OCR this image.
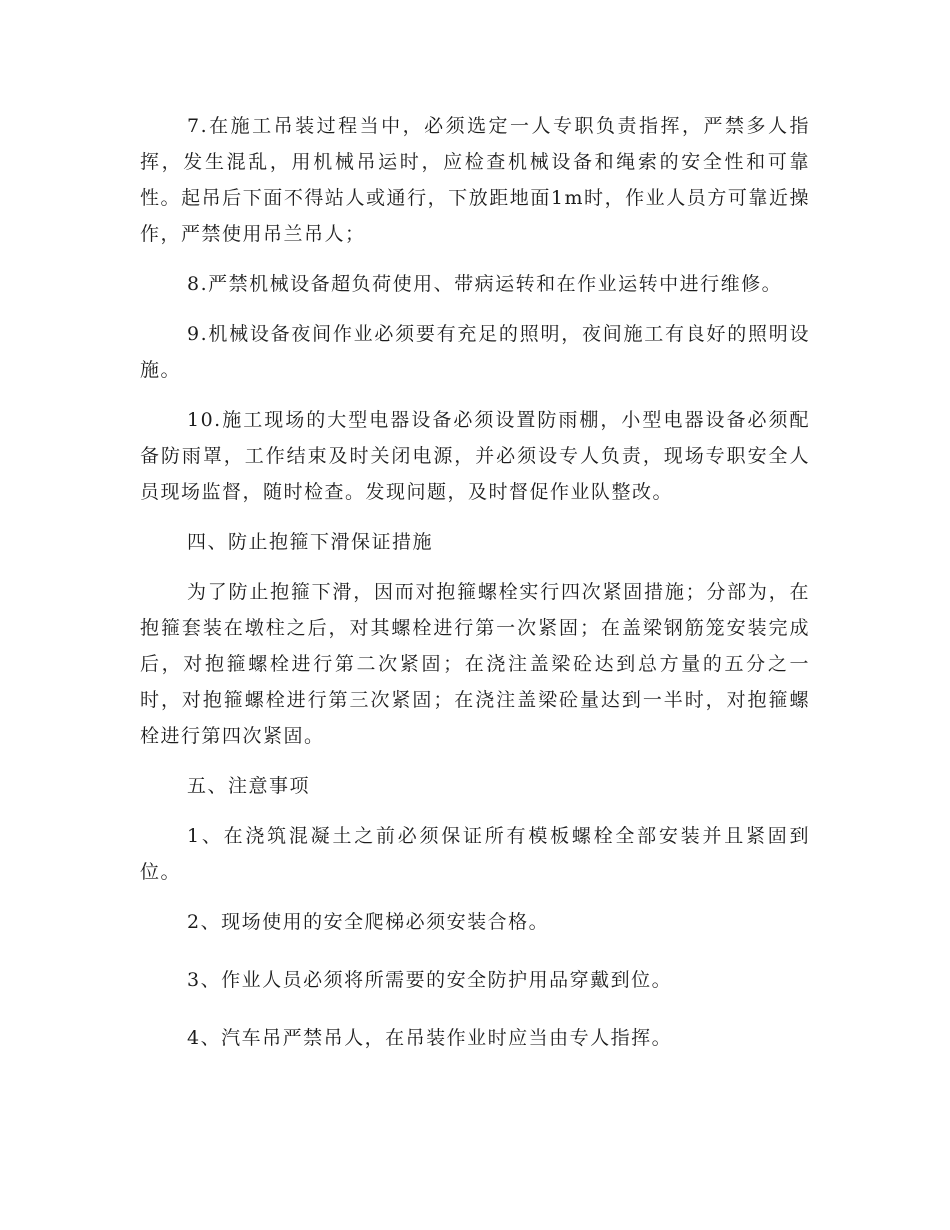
7.在施工吊装过程当中，必须选定一人专职负责指挥，严禁多人指挥，发生混乱，用机械吊运时，应检查机械设备和绳索的安全性和可靠性。起吊后下面不得站人或通行，下放距地面1m时，作业人员方可靠近操作，严禁使用吊兰吊人；

8.严禁机械设备超负荷使用、带病运转和在作业运转中进行维修。

9.机械设备夜间作业必须要有充足的照明，夜间施工有良好的照明设施。

10.施工现场的大型电器设备必须设置防雨棚，小型电器设备必须配备防雨罩，工作结束及时关闭电源，并必须设专人负责，现场专职安全人员现场监督，随时检查。发现问题，及时督促作业队整改。

四、防止抱箍下滑保证措施

为了防止抱箍下滑，因而对抱箍螺栓实行四次紧固措施；分部为，在抱箍套装在墩柱之后，对其螺栓进行第一次紧固；在盖梁钢筋笼安装完成后，对抱箍螺栓进行第二次紧固；在浇注盖梁砼达到总方量的五分之一时，对抱箍螺栓进行第三次紧固；在浇注盖梁砼量达到一半时，对抱箍螺栓进行第四次紧固。

五、注意事项

1、在浇筑混凝土之前必须保证所有模板螺栓全部安装并且紧固到位。

2、现场使用的安全爬梯必须安装合格。

3、作业人员必须将所需要的安全防护用品穿戴到位。

4、汽车吊严禁吊人，在吊装作业时应当由专人指挥。
